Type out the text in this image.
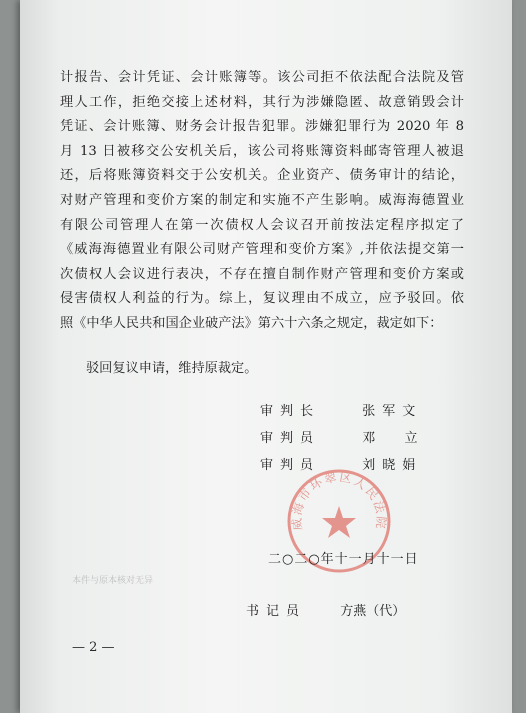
计报告、会计凭证、会计账簿等。该公司拒不依法配合法院及管
理人工作，拒绝交接上述材料，其行为涉嫌隐匿、故意销毁会计
凭证、会计账簿、财务会计报告犯罪。涉嫌犯罪行为 2020 年 8
月 13 日被移交公安机关后，该公司将账簿资料邮寄管理人被退
还，后将账簿资料交于公安机关。企业资产、债务审计的结论，
对财产管理和变价方案的制定和实施不产生影响。威海海德置业
有限公司管理人在第一次债权人会议召开前按法定程序拟定了
《威海海德置业有限公司财产管理和变价方案》,并依法提交第一
次债权人会议进行表决，不存在擅自制作财产管理和变价方案或
侵害债权人利益的行为。综上，复议理由不成立，应予驳回。依
照《中华人民共和国企业破产法》第六十六条之规定，裁定如下：
驳回复议申请，维持原裁定。
审判长	张军文
审判员	邓  立
审判员	刘晓娟
威海市环翠区人民法院
二○二○年十一月十一日
本件与原本核对无异
书记员	方燕（代）
— 2 —
